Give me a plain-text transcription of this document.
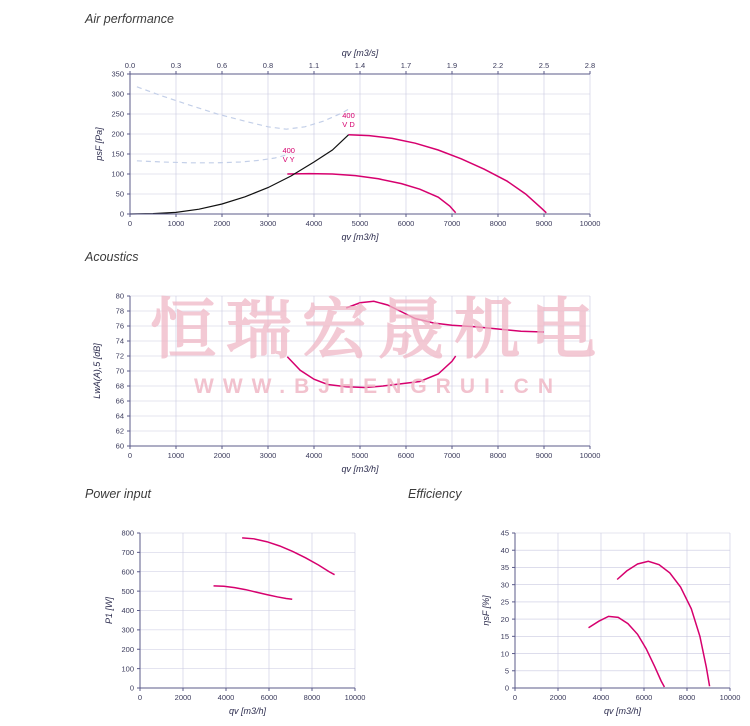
Air performance
Acoustics
Power input	Efficiency
0	1000	2000	3000	4000	5000	6000	7000	8000	9000	10000
0
50
100
150
200
250
300
350
qv [m3/h]
psF [Pa]
0.0	0.3	0.6	0.8	1.1	1.4	1.7	1.9	2.2	2.5	2.8
qv [m3/s]
400
V D
400
V Y
0	1000	2000	3000	4000	5000	6000	7000	8000	9000	10000
60
62
64
66
68
70
72
74
76
78
80
qv [m3/h]
LwA(A),5 [dB]
0	2000	4000	6000	8000	10000
0
100
200
300
400
500
600
700
800
qv [m3/h]
P1 [W]
0	2000	4000	6000	8000	10000
0
5
10
15
20
25
30
35
40
45
qv [m3/h]
ηsF [%]
恒瑞宏晟机电
WWW.BJHENGRUI.CN
